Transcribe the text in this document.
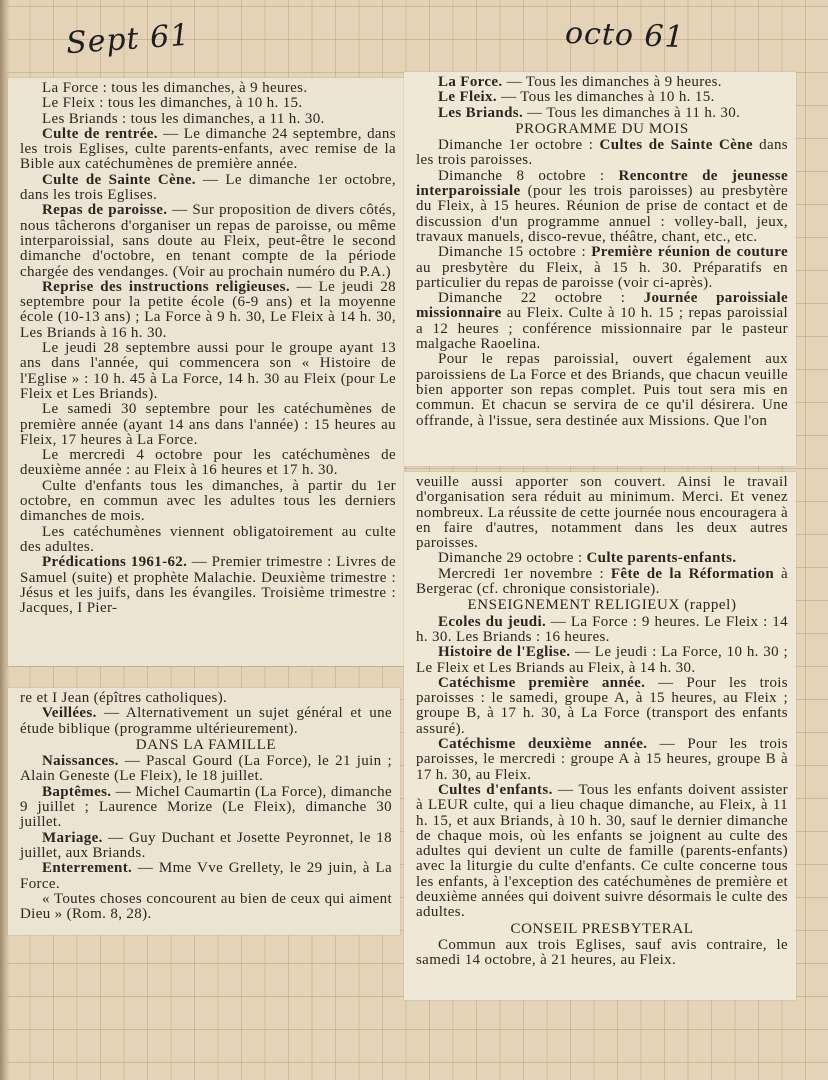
Sept 61	octo 61

La Force : tous les dimanches, à 9 heures.

Le Fleix : tous les dimanches, à 10 h. 15.

Les Briands : tous les dimanches, a 11 h. 30.

Culte de rentrée. — Le dimanche 24 septembre, dans les trois Eglises, culte parents-enfants, avec remise de la Bible aux catéchumènes de première année.

Culte de Sainte Cène. — Le dimanche 1er octobre, dans les trois Eglises.

Repas de paroisse. — Sur proposition de divers côtés, nous tâcherons d'organiser un repas de paroisse, ou même interparoissial, sans doute au Fleix, peut-être le second dimanche d'octobre, en tenant compte de la période chargée des vendanges. (Voir au prochain numéro du P.A.)

Reprise des instructions religieuses. — Le jeudi 28 septembre pour la petite école (6-9 ans) et la moyenne école (10-13 ans) ; La Force à 9 h. 30, Le Fleix à 14 h. 30, Les Briands à 16 h. 30.

Le jeudi 28 septembre aussi pour le groupe ayant 13 ans dans l'année, qui commencera son « Histoire de l'Eglise » : 10 h. 45 à La Force, 14 h. 30 au Fleix (pour Le Fleix et Les Briands).

Le samedi 30 septembre pour les catéchumènes de première année (ayant 14 ans dans l'année) : 15 heures au Fleix, 17 heures à La Force.

Le mercredi 4 octobre pour les catéchumènes de deuxième année : au Fleix à 16 heures et 17 h. 30.

Culte d'enfants tous les dimanches, à partir du 1er octobre, en commun avec les adultes tous les derniers dimanches de mois.

Les catéchumènes viennent obligatoirement au culte des adultes.

Prédications 1961-62. — Premier trimestre : Livres de Samuel (suite) et prophète Malachie. Deuxième trimestre : Jésus et les juifs, dans les évangiles. Troisième trimestre : Jacques, I Pier-

re et I Jean (épîtres catholiques).

Veillées. — Alternativement un sujet général et une étude biblique (programme ultérieurement).

DANS LA FAMILLE

Naissances. — Pascal Gourd (La Force), le 21 juin ; Alain Geneste (Le Fleix), le 18 juillet.

Baptêmes. — Michel Caumartin (La Force), dimanche 9 juillet ; Laurence Morize (Le Fleix), dimanche 30 juillet.

Mariage. — Guy Duchant et Josette Peyronnet, le 18 juillet, aux Briands.

Enterrement. — Mme Vve Grellety, le 29 juin, à La Force.

« Toutes choses concourent au bien de ceux qui aiment Dieu » (Rom. 8, 28).

La Force. — Tous les dimanches à 9 heures.

Le Fleix. — Tous les dimanches à 10 h. 15.

Les Briands. — Tous les dimanches à 11 h. 30.

PROGRAMME DU MOIS

Dimanche 1er octobre : Cultes de Sainte Cène dans les trois paroisses.

Dimanche 8 octobre : Rencontre de jeunesse interparoissiale (pour les trois paroisses) au presbytère du Fleix, à 15 heures. Réunion de prise de contact et de discussion d'un programme annuel : volley-ball, jeux, travaux manuels, disco-revue, théâtre, chant, etc., etc.

Dimanche 15 octobre : Première réunion de couture au presbytère du Fleix, à 15 h. 30. Préparatifs en particulier du repas de paroisse (voir ci-après).

Dimanche 22 octobre : Journée paroissiale missionnaire au Fleix. Culte à 10 h. 15 ; repas paroissial a 12 heures ; conférence missionnaire par le pasteur malgache Raoelina.

Pour le repas paroissial, ouvert également aux paroissiens de La Force et des Briands, que chacun veuille bien apporter son repas complet. Puis tout sera mis en commun. Et chacun se servira de ce qu'il désirera. Une offrande, à l'issue, sera destinée aux Missions. Que l'on

veuille aussi apporter son couvert. Ainsi le travail d'organisation sera réduit au minimum. Merci. Et venez nombreux. La réussite de cette journée nous encouragera à en faire d'autres, notamment dans les deux autres paroisses.

Dimanche 29 octobre : Culte parents-enfants.

Mercredi 1er novembre : Fête de la Réformation à Bergerac (cf. chronique consistoriale).

ENSEIGNEMENT RELIGIEUX (rappel)

Ecoles du jeudi. — La Force : 9 heures. Le Fleix : 14 h. 30. Les Briands : 16 heures.

Histoire de l'Eglise. — Le jeudi : La Force, 10 h. 30 ; Le Fleix et Les Briands au Fleix, à 14 h. 30.

Catéchisme première année. — Pour les trois paroisses : le samedi, groupe A, à 15 heures, au Fleix ; groupe B, à 17 h. 30, à La Force (transport des enfants assuré).

Catéchisme deuxième année. — Pour les trois paroisses, le mercredi : groupe A à 15 heures, groupe B à 17 h. 30, au Fleix.

Cultes d'enfants. — Tous les enfants doivent assister à LEUR culte, qui a lieu chaque dimanche, au Fleix, à 11 h. 15, et aux Briands, à 10 h. 30, sauf le dernier dimanche de chaque mois, où les enfants se joignent au culte des adultes qui devient un culte de famille (parents-enfants) avec la liturgie du culte d'enfants. Ce culte concerne tous les enfants, à l'exception des catéchumènes de première et deuxième années qui doivent suivre désormais le culte des adultes.

CONSEIL PRESBYTERAL

Commun aux trois Eglises, sauf avis contraire, le samedi 14 octobre, à 21 heures, au Fleix.
